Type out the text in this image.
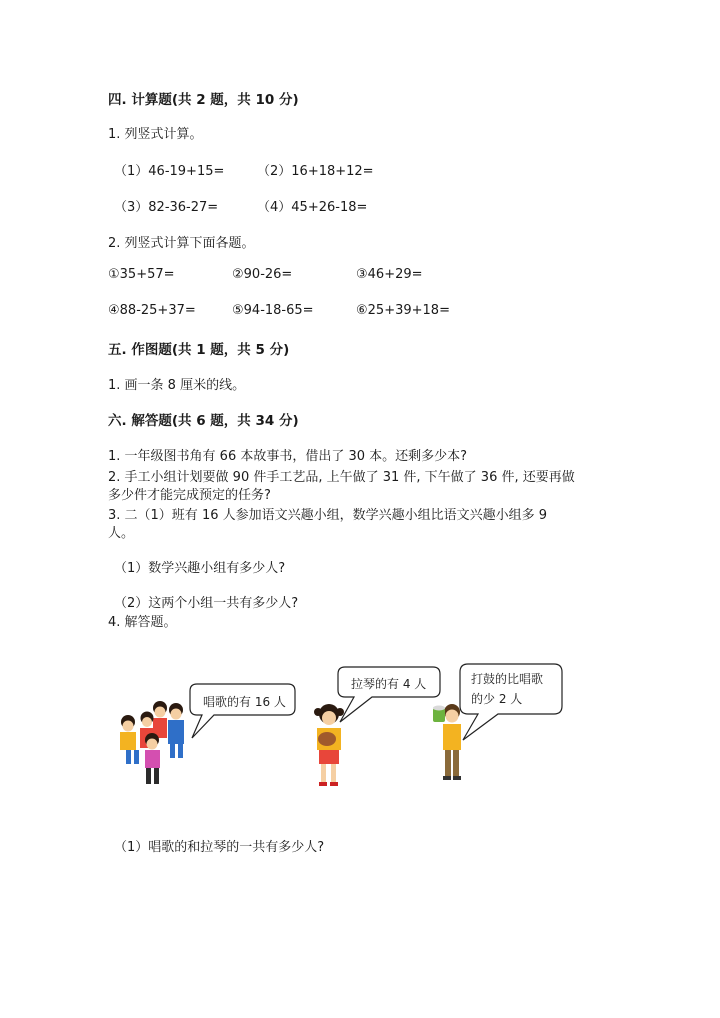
四. 计算题(共 2 题，共 10 分)
1. 列竖式计算。
（1）46-19+15=	（2）16+18+12=
（3）82-36-27=	（4）45+26-18=
2. 列竖式计算下面各题。
①35+57=	②90-26=	③46+29=
④88-25+37=	⑤94-18-65=	⑥25+39+18=
五. 作图题(共 1 题，共 5 分)
1. 画一条 8 厘米的线。
六. 解答题(共 6 题，共 34 分)
1. 一年级图书角有 66 本故事书，借出了 30 本。还剩多少本?
2. 手工小组计划要做 90 件手工艺品, 上午做了 31 件, 下午做了 36 件, 还要再做
多少件才能完成预定的任务?
3. 二（1）班有 16 人参加语文兴趣小组，数学兴趣小组比语文兴趣小组多 9
人。
（1）数学兴趣小组有多少人?
（2）这两个小组一共有多少人?
4. 解答题。
唱歌的有 16 人
拉琴的有 4 人	打鼓的比唱歌
的少 2 人
（1）唱歌的和拉琴的一共有多少人?
